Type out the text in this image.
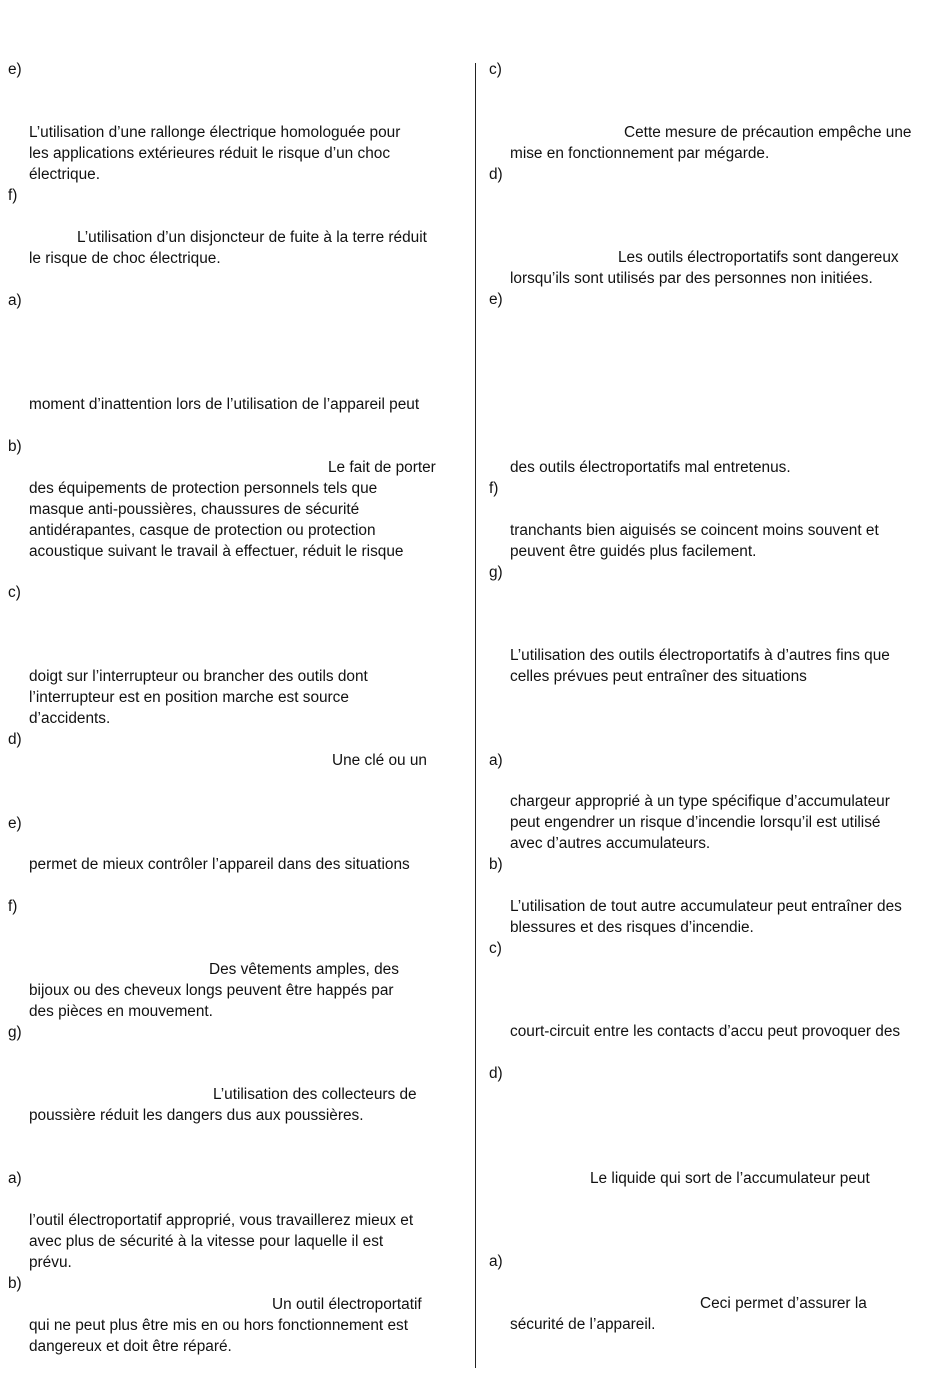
e)

L’utilisation d’une rallonge électrique homologuée pour

les applications extérieures réduit le risque d’un choc

électrique.

f)

L’utilisation d’un disjoncteur de fuite à la terre réduit

le risque de choc électrique.

a)

moment d’inattention lors de l’utilisation de l’appareil peut

b)

Le fait de porter

des équipements de protection personnels tels que

masque anti-poussières, chaussures de sécurité

antidérapantes, casque de protection ou protection

acoustique suivant le travail à effectuer, réduit le risque

c)

doigt sur l’interrupteur ou brancher des outils dont

l’interrupteur est en position marche est source

d’accidents.

d)

Une clé ou un

e)

permet de mieux contrôler l’appareil dans des situations

f)

Des vêtements amples, des

bijoux ou des cheveux longs peuvent être happés par

des pièces en mouvement.

g)

L’utilisation des collecteurs de

poussière réduit les dangers dus aux poussières.

a)

l’outil électroportatif approprié, vous travaillerez mieux et

avec plus de sécurité à la vitesse pour laquelle il est

prévu.

b)

Un outil électroportatif

qui ne peut plus être mis en ou hors fonctionnement est

dangereux et doit être réparé.

c)

Cette mesure de précaution empêche une

mise en fonctionnement par mégarde.

d)

Les outils électroportatifs sont dangereux

lorsqu’ils sont utilisés par des personnes non initiées.

e)

des outils électroportatifs mal entretenus.

f)

tranchants bien aiguisés se coincent moins souvent et

peuvent être guidés plus facilement.

g)

L’utilisation des outils électroportatifs à d’autres fins que

celles prévues peut entraîner des situations

a)

chargeur approprié à un type spécifique d’accumulateur

peut engendrer un risque d’incendie lorsqu’il est utilisé

avec d’autres accumulateurs.

b)

L’utilisation de tout autre accumulateur peut entraîner des

blessures et des risques d’incendie.

c)

court-circuit entre les contacts d’accu peut provoquer des

d)

Le liquide qui sort de l’accumulateur peut

a)

Ceci permet d’assurer la

sécurité de l’appareil.
